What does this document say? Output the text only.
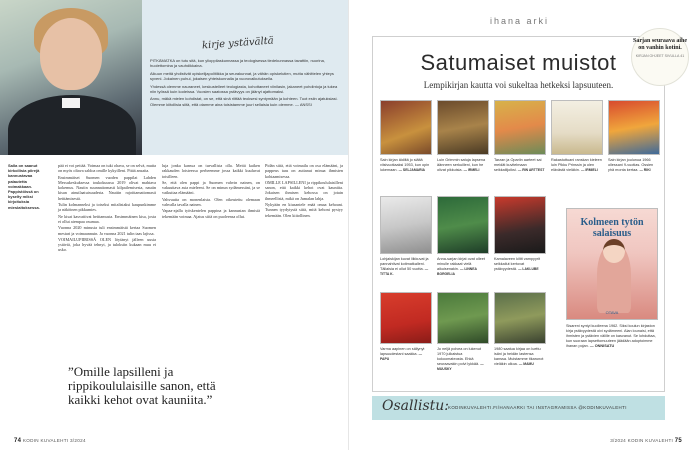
kirje ystävältä

PITKÄMATKA on tutu sitä, kun ylioppilaskunnassa ja teologisessa tiedekunnassa tavattiin, nuorina, huolettomina ja vauhdikkaina.

Aikuun meitä yhdistivät opiskelijapolitiikka ja seurakunnat, ja vähän opiskelutien, mutta vähittelen yhteys syveni. Jokainen puhui, jokaisen yhteiskunnalla ja vuorovaikutuksella.

Yhdessä olemme nauraneet, keskustelleet teologiasta, kohottaneet viinilasin, jakaneet pohdintoja ja tukea niin työssä kuin kodeissa. Vuosien saatossa ystävyys on jäänyt ajattomaksi.

Annu, mäkä mielen kohdistat, on se, että sinä riittää teoksesi syntymään ja kohteen. Tuot esiin ajatuksiasi. Olemme kiitollisia siitä, että otamme aina toisistamme juuri sellaisia kuin olemme. — ANSSI

Salla on saanut kirkollisia piirejä kannustavaa palautetta voimakkaan. Pappistöissä on kyselty miksi kirjoituksia mieslaitoksessa.

pää ei voi pettää. Voimaa on tuki ohava, se on selvä, mutta on myös oltava saldoa omille kykyilleni. Pitää ansaita.

Ensimmäiset Suomen vuoden pappilat Lahden Messukeskuksessa toukokuussa 2019 olivat mahtava kokemus. Nautin suunnattomasti kilpailemisesta, nautin kisan ainutlaatuisuudesta. Nauttin rajoittamattomasti heittämisestä.

Tulin kolmanneksi ja toiseksi mitalistaksi kaupunkimme ja näköinen pikkumies.

Ne kisat kasvattivat heittamusta. Ensimmäinen kisa, josta ei ollut aiempaa osumaa.

Vuonna 2020 minusta tuli ensimmäistä kertaa Suomen mestari ja voimaannuin. Ja vuonna 2021 tulin taas lajissa.

VOIMAILUPIIRISSÄ OLEN löytänyt jälleen uusia ystäviä, joka hyvää tehnyt, ja tuloksiin kukaan muu ei usko.

luja jonka kanssa on turvallista olla. Meitä kaiken rakkauden loisteessa perheemme jossa kaikki kuuluvat toisilleen.

Se, että olen pappi ja Suomen vahvin nainen, on vakuuttava asia mieleeni. Se on minun sydämessäni, ja se vaikuttaa elämääni.

Vahvuutta on monenlaista. Olen oikeutettu olemaan vahvalla tavalla nainen.

Vapaa-ajalla työskentelen pappina ja kannustan ihmisiä tekemään voimaa. Ajatus siitä on puoleensa ollut.

Pidän siitä, että voimailu on osa elämääni, ja pappeus taas on auttanut minua ihmisten kohtaamisessa.

OMILLE LAPSILLENI ja rippikoululaisilleni sanon, että kaikki kehot ovat kauniita. Jokaisen ihmisen kehossa on jotain ihmeellistä, mikä on Jumalan lahja.

Nykyään en kiusantele enää omaa kehoani. Tunnen tyydytystä siitä, mitä kehoni pystyy tekemään. Olen kiitollinen.

”Omille lapsilleni ja rippikoululaisille sanon, että kaikki kehot ovat kauniita.”
74 KODIN KUVALEHTI 3/2024	3/2024 KODIN KUVALEHTI 75
ihana arki
Satumaiset muistot
Lempikirjan kautta voi sukeltaa hetkeksi lapsuuteen.
Sarjan seuraava aihe on vanhin kotini.
KIRJAN OHJEET SIVULLA 41
Sain kirjan äidiltä jo siältä viisivuotiaaksi 1953, kun opin lukemaan. — SELJAMARIA
Luin Grimmin satuja lapsena äänneen serkuilleni, kun he olivat pikkuisia. — IRMELI
Tarzan ja Opariin aarteet sai meidät kuvitelmaan seikkailijoiksi. — RIN ARTTEST
Rakastuttuani ranskan kieleen luin Pikku Prinssin ja olen elävästä vieläkin. — IRMIELI
Sain kirjan joulunua 1966 ollessani 9-vuotias. Ossien yhä monta kertaa. — RIKI
Lohjaiskijan kuvat liikkuvat ja pannahtivat kotimatkalleni. Tällaisia ei ollut 50 vuotta. — TITTA K.
Anna-sarjan kirjat ovat olleet minulle rakkaat vielä aikuisenakin. — LINNEA BORGELIA
Kamalaveen kiltit vampyyrit seikkailut kertovat ystävyydestä. — LAKLUBE
Varma aapinen on säilynyt lapsuudestani saakka. — PAPU
Jo neljä polvea on lukenut 1970 julkaistua kokoomateosta. Ehkä seuraavakin polvi lykkää. — MUUSKY
1980 saatua kirjaa on luettu isäni ja heidän lastensa kanssa. Muistamme tikarunot vieläkin ulkoa. — MAMU
Kolmeen tytön salaisuus
OTAVA
Sisareni syntyi kuolleena 1962. Siksi koulun kirjaston kirja ystävyydestä oivi sydämeeni. Alan lounaisi, että ihmisten ja ystävien välille on kasvanut. Se lohduttaa, kun suoraan lapsettomuuteen jäädään adoptoimme ihanan pojan. — ONNISATU
Osallistu: KODINKUVALEHTI.FI/HANAARKI TAI INSTAGRAMISSA @KODINKUVALEHTI
